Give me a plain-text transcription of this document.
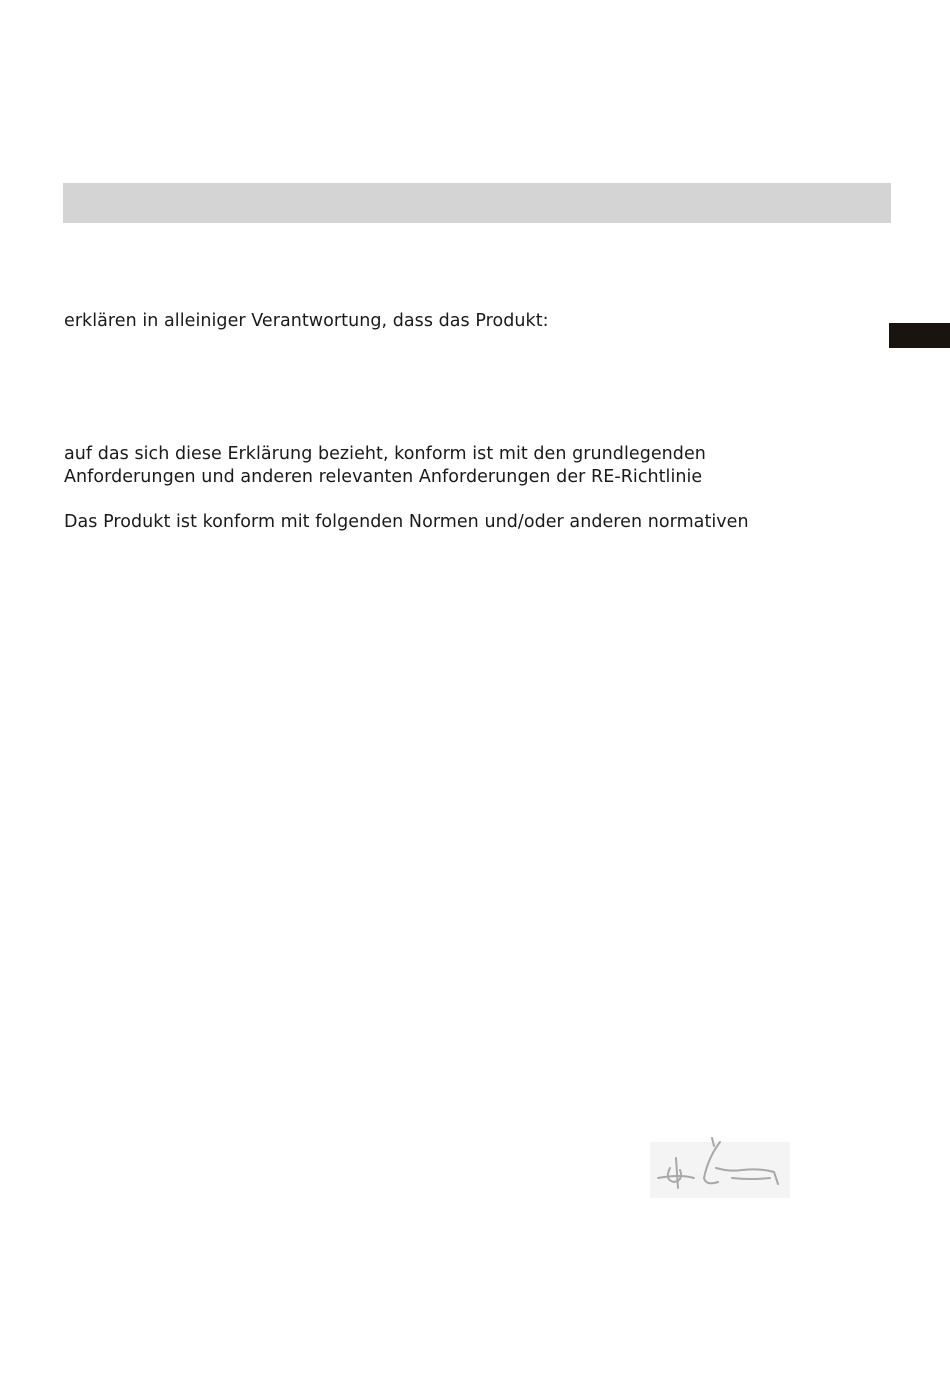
erklären in alleiniger Verantwortung, dass das Produkt:

auf das sich diese Erklärung bezieht, konform ist mit den grundlegenden
Anforderungen und anderen relevanten Anforderungen der RE-Richtlinie

Das Produkt ist konform mit folgenden Normen und/oder anderen normativen
